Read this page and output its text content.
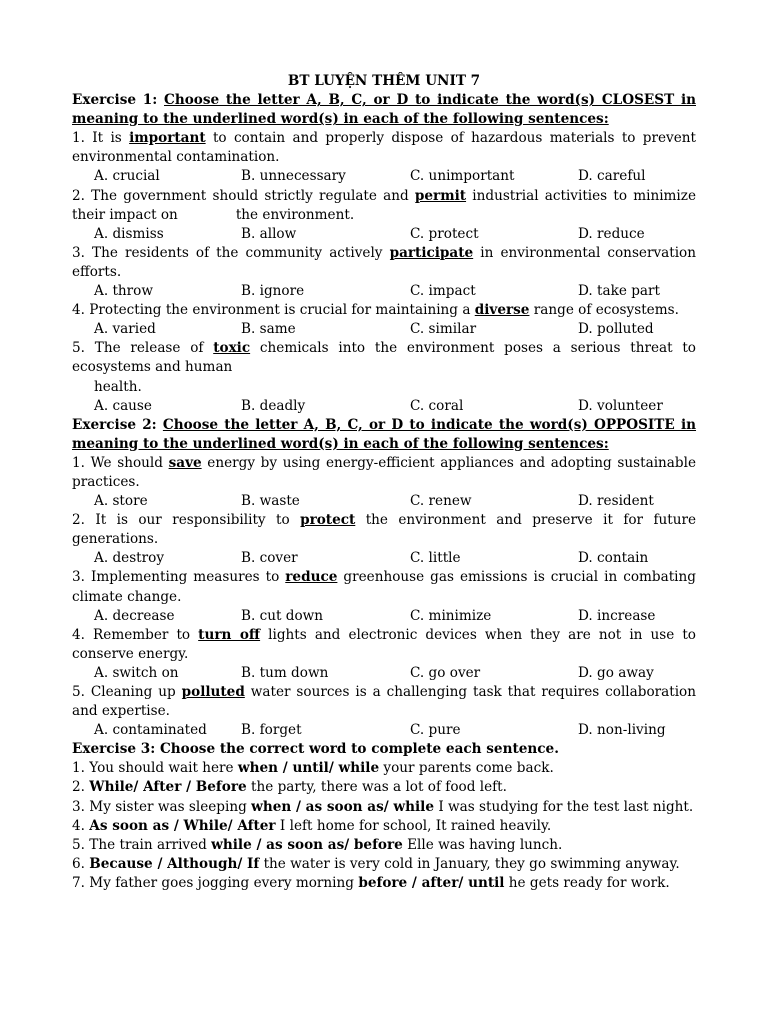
BT LUYỆN THÊM UNIT 7
Exercise 1: Choose the letter A, B, C, or D to indicate the word(s) CLOSEST in meaning to the underlined word(s) in each of the following sentences:
1. It is important to contain and properly dispose of hazardous materials to prevent environmental contamination.
A. crucial	B. unnecessary	C. unimportant	D. careful
2. The government should strictly regulate and permit industrial activities to minimize their impact on	the environment.
A. dismiss	B. allow	C. protect	D. reduce
3. The residents of the community actively participate in environmental conservation efforts.
A. throw	B. ignore	C. impact	D. take part
4. Protecting the environment is crucial for maintaining a diverse range of ecosystems.
A. varied	B. same	C. similar	D. polluted
5. The release of toxic chemicals into the environment poses a serious threat to ecosystems and human
health.
A. cause	B. deadly	C. coral	D. volunteer
Exercise 2: Choose the letter A, B, C, or D to indicate the word(s) OPPOSITE in meaning to the underlined word(s) in each of the following sentences:
1. We should save energy by using energy-efficient appliances and adopting sustainable practices.
A. store	B. waste	C. renew	D. resident
2. It is our responsibility to protect the environment and preserve it for future generations.
A. destroy	B. cover	C. little	D. contain
3. Implementing measures to reduce greenhouse gas emissions is crucial in combating climate change.
A. decrease	B. cut down	C. minimize	D. increase
4. Remember to turn off lights and electronic devices when they are not in use to conserve energy.
A. switch on	B. tum down	C. go over	D. go away
5. Cleaning up polluted water sources is a challenging task that requires collaboration and expertise.
A. contaminated	B. forget	C. pure	D. non-living
Exercise 3: Choose the correct word to complete each sentence.
1. You should wait here when / until/ while your parents come back.
2. While/ After / Before the party, there was a lot of food left.
3. My sister was sleeping when / as soon as/ while I was studying for the test last night.
4. As soon as / While/ After I left home for school, It rained heavily.
5. The train arrived while / as soon as/ before Elle was having lunch.
6. Because / Although/ If the water is very cold in January, they go swimming anyway.
7. My father goes jogging every morning before / after/ until he gets ready for work.
